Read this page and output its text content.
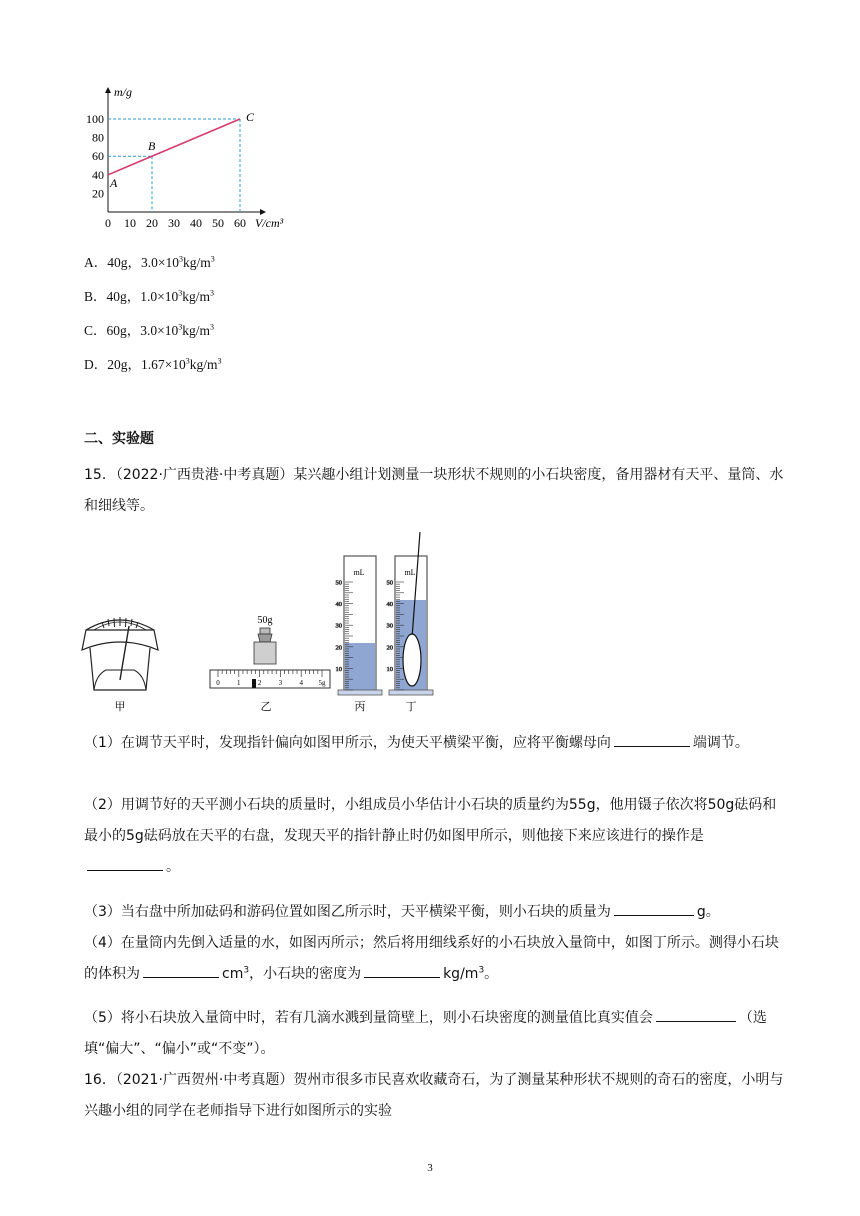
20
40
60
80
100
0 10 20 30 40 50 60
m/g
V/cm³
A
B
C
A．40g，$3.0\times 10^3kg/m^3$
B．40g，$1.0\times 10^3kg/m^3$
C．60g，$3.0\times 10^3kg/m^3$
D．20g，$1.67\times 10^3kg/m^3$
二、实验题
15．（2022·广西贵港·中考真题）某兴趣小组计划测量一块形状不规则的小石块密度，备用器材有天平、量筒、水和细线等。
甲
50g
0 1 2 3 4 5g
乙
mL
50
40
30
20
10
丙
mL
50
40
30
20
10
丁
（1）在调节天平时，发现指针偏向如图甲所示，为使天平横梁平衡，应将平衡螺母向	端调节。
（2）用调节好的天平测小石块的质量时，小组成员小华估计小石块的质量约为55g，他用镊子依次将50g砝码和最小的5g砝码放在天平的右盘，发现天平的指针静止时仍如图甲所示，则他接下来应该进行的操作是。
（3）当右盘中所加砝码和游码位置如图乙所示时，天平横梁平衡，则小石块的质量为	g。
（4）在量筒内先倒入适量的水，如图丙所示；然后将用细线系好的小石块放入量筒中，如图丁所示。测得小石块的体积为	$cm^3$，小石块的密度为	$kg/m^3$。
（5）将小石块放入量筒中时，若有几滴水溅到量筒壁上，则小石块密度的测量值比真实值会	（选填“偏大”、“偏小”或“不变”）。
16．（2021·广西贺州·中考真题）贺州市很多市民喜欢收藏奇石，为了测量某种形状不规则的奇石的密度，小明与兴趣小组的同学在老师指导下进行如图所示的实验
3
